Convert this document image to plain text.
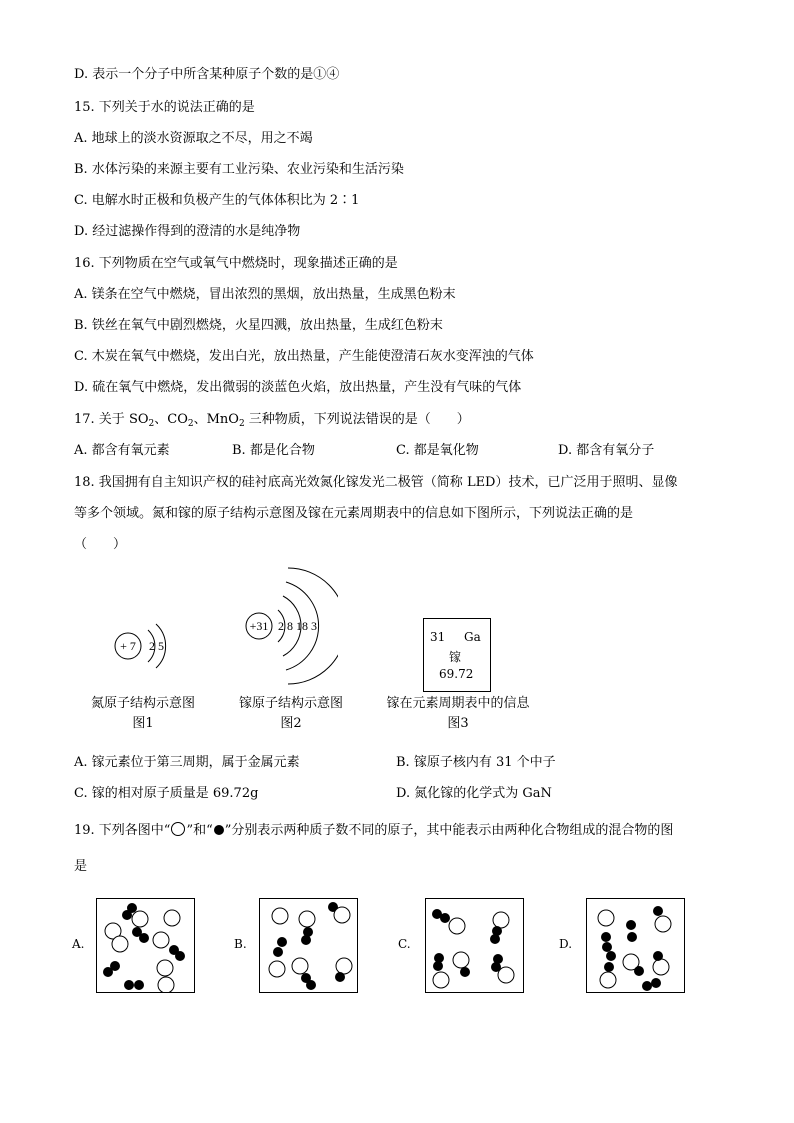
D. 表示一个分子中所含某种原子个数的是①④
15. 下列关于水的说法正确的是
A. 地球上的淡水资源取之不尽，用之不竭
B. 水体污染的来源主要有工业污染、农业污染和生活污染
C. 电解水时正极和负极产生的气体体积比为 2∶1
D. 经过滤操作得到的澄清的水是纯净物
16. 下列物质在空气或氧气中燃烧时，现象描述正确的是
A. 镁条在空气中燃烧，冒出浓烈的黑烟，放出热量，生成黑色粉末
B. 铁丝在氧气中剧烈燃烧，火星四溅，放出热量，生成红色粉末
C. 木炭在氧气中燃烧，发出白光，放出热量，产生能使澄清石灰水变浑浊的气体
D. 硫在氧气中燃烧，发出微弱的淡蓝色火焰，放出热量，产生没有气味的气体
17. 关于 $SO_2$、$CO_2$、MnO$_2$ 三种物质，下列说法错误的是（　　）
A. 都含有氧元素	B. 都是化合物	C. 都是氧化物	D. 都含有氧分子
18. 我国拥有自主知识产权的硅衬底高光效氮化镓发光二极管（简称 LED）技术，已广泛用于照明、显像
等多个领域。氮和镓的原子结构示意图及镓在元素周期表中的信息如下图所示，下列说法正确的是
（　　）
+ 7 2 5
+31 2 8 18 3
31 Ga
镓
69.72
氮原子结构示意图
图1
镓原子结构示意图
图2
镓在元素周期表中的信息
图3
A. 镓元素位于第三周期，属于金属元素	B. 镓原子核内有 31 个中子
C. 镓的相对原子质量是 69.72g	D. 氮化镓的化学式为 GaN
19. 下列各图中“ ”和“ ”分别表示两种质子数不同的原子，其中能表示由两种化合物组成的混合物的图
是
A.	B.	C.	D.
